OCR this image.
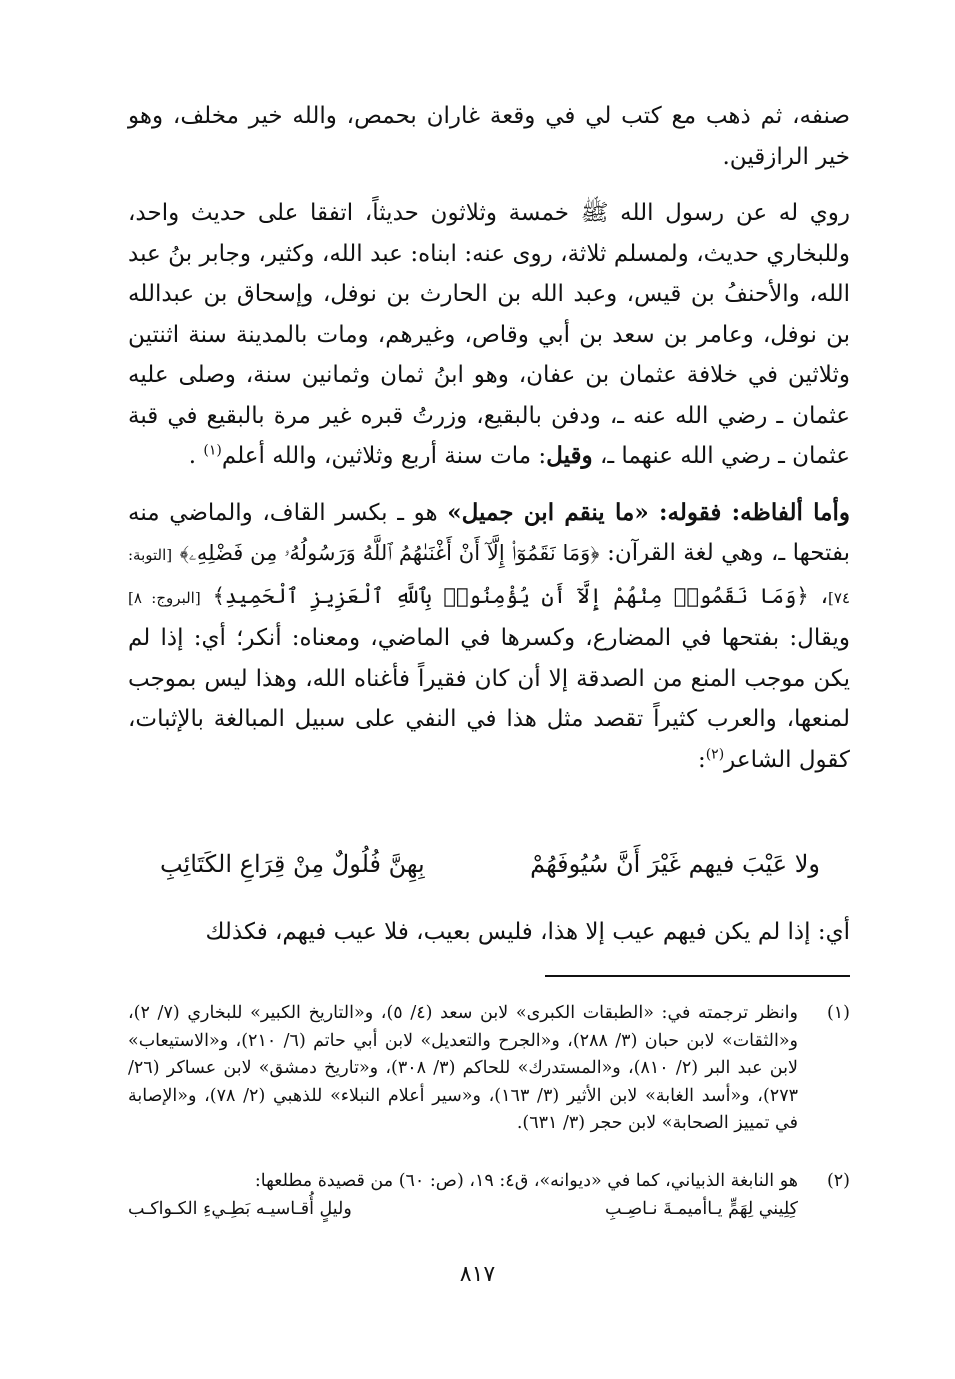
صنفه، ثم ذهب مع كتب لي في وقعة غاران بحمص، والله خير مخلف، وهو خير الرازقين.

روي له عن رسول الله ﷺ خمسة وثلاثون حديثاً، اتفقا على حديث واحد، وللبخاري حديث، ولمسلم ثلاثة، روى عنه: ابناه: عبد الله، وكثير، وجابر بنُ عبد الله، والأحنفُ بن قيس، وعبد الله بن الحارث بن نوفل، وإسحاق بن عبدالله بن نوفل، وعامر بن سعد بن أبي وقاص، وغيرهم، ومات بالمدينة سنة اثنتين وثلاثين في خلافة عثمان بن عفان، وهو ابنُ ثمان وثمانين سنة، وصلى عليه عثمان ـ رضي الله عنه ـ، ودفن بالبقيع، وزرتُ قبره غير مرة بالبقيع في قبة عثمان ـ رضي الله عنهما ـ، وقيل: مات سنة أربع وثلاثين، والله أعلم$^{(١)}$ .

وأما ألفاظه: فقوله: «ما ينقم ابن جميل» هو ـ بكسر القاف، والماضي منه بفتحها ـ، وهي لغة القرآن: ﴿وَمَا نَقَمُوٓا۟ إِلَّآ أَنْ أَغْنَىٰهُمُ ٱللَّهُ وَرَسُولُهُۥ مِن فَضْلِهِۦ﴾ [التوبة: ٧٤]، ﴿وَمَا نَقَمُوا۟ مِنْهُمْ إِلَّآ أَن يُؤْمِنُوا۟ بِٱللَّهِ ٱلْعَزِيزِ ٱلْحَمِيدِ﴾ [البروج: ٨] ويقال: بفتحها في المضارع، وكسرها في الماضي، ومعناه: أنكر؛ أي: إذا لم يكن موجب المنع من الصدقة إلا أن كان فقيراً فأغناه الله، وهذا ليس بموجب لمنعها، والعرب كثيراً تقصد مثل هذا في النفي على سبيل المبالغة بالإثبات، كقول الشاعر$^{(٢)}$:

ولا عَيْبَ فيهم غَيْرَ أَنَّ سُيُوفَهُمْ
بِهِنَّ فُلُولٌ مِنْ قِرَاعِ الكَتَائِبِ
أي: إذا لم يكن فيهم عيب إلا هذا، فليس بعيب، فلا عيب فيهم، فكذلك
(١)
وانظر ترجمته في: «الطبقات الكبرى» لابن سعد (٤/ ٥)، و«التاريخ الكبير» للبخاري (٧/ ٢)، و«الثقات» لابن حبان (٣/ ٢٨٨)، و«الجرح والتعديل» لابن أبي حاتم (٦/ ٢١٠)، و«الاستيعاب» لابن عبد البر (٢/ ٨١٠)، و«المستدرك» للحاكم (٣/ ٣٠٨)، و«تاريخ دمشق» لابن عساكر (٢٦/ ٢٧٣)، و«أسد الغابة» لابن الأثير (٣/ ١٦٣)، و«سير أعلام النبلاء» للذهبي (٢/ ٧٨)، و«الإصابة في تمييز الصحابة» لابن حجر (٣/ ٦٣١).
(٢)
هو النابغة الذبياني، كما في «ديوانه»، ق٤: ١٩، (ص: ٦٠) من قصيدة مطلعها:
كِلِيني لِهَمٍّ يـاأميمـةَ نـاصِـبِ
وليلٍ أُقـاسيـه بَطِـيءِ الكـواكـب
٨١٧
